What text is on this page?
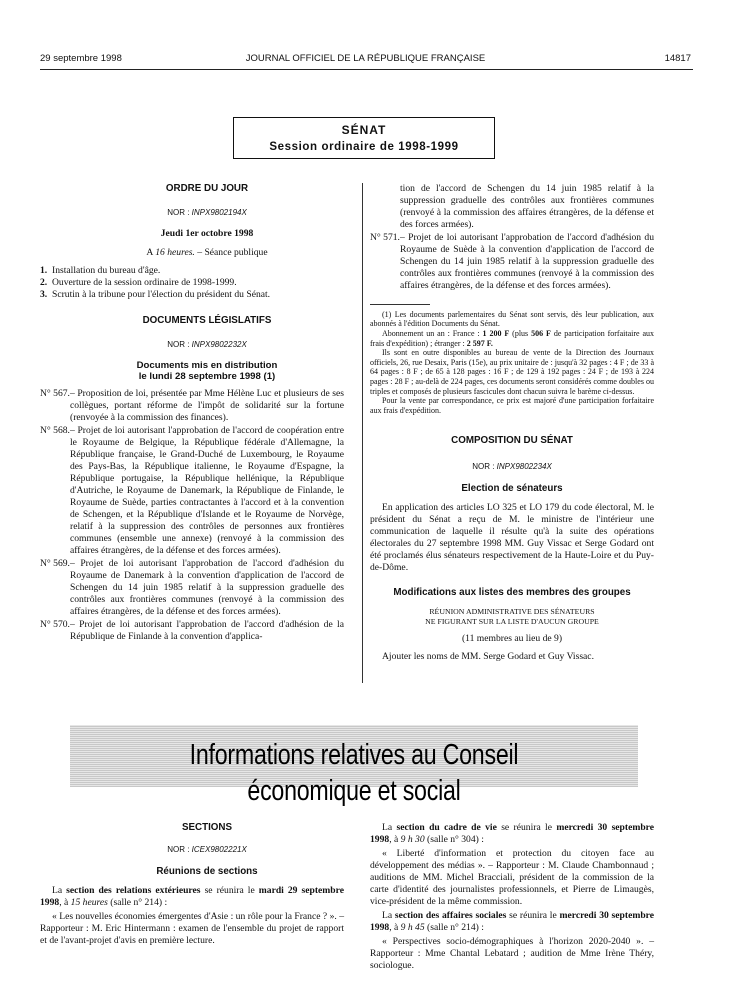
29 septembre 1998	JOURNAL OFFICIEL DE LA RÉPUBLIQUE FRANÇAISE	14817
SÉNAT
Session ordinaire de 1998-1999
ORDRE DU JOUR
NOR : INPX9802194X
Jeudi 1er octobre 1998
A 16 heures. – Séance publique
1. Installation du bureau d'âge.
2. Ouverture de la session ordinaire de 1998-1999.
3. Scrutin à la tribune pour l'élection du président du Sénat.
DOCUMENTS LÉGISLATIFS
NOR : INPX9802232X
Documents mis en distribution
le lundi 28 septembre 1998 (1)
N° 567. – Proposition de loi, présentée par Mme Hélène Luc et plusieurs de ses collègues, portant réforme de l'impôt de solidarité sur la fortune (renvoyée à la commission des finances).
N° 568. – Projet de loi autorisant l'approbation de l'accord de coopération entre le Royaume de Belgique, la République fédérale d'Allemagne, la République française, le Grand-Duché de Luxembourg, le Royaume des Pays-Bas, la République italienne, le Royaume d'Espagne, la République portugaise, la République hellénique, la République d'Autriche, le Royaume de Danemark, la République de Finlande, le Royaume de Suède, parties contractantes à l'accord et à la convention de Schengen, et la République d'Islande et le Royaume de Norvège, relatif à la suppression des contrôles de personnes aux frontières communes (ensemble une annexe) (renvoyé à la commission des affaires étrangères, de la défense et des forces armées).
N° 569. – Projet de loi autorisant l'approbation de l'accord d'adhésion du Royaume de Danemark à la convention d'application de l'accord de Schengen du 14 juin 1985 relatif à la suppression graduelle des contrôles aux frontières communes (renvoyé à la commission des affaires étrangères, de la défense et des forces armées).
N° 570. – Projet de loi autorisant l'approbation de l'accord d'adhésion de la République de Finlande à la convention d'applica-

tion de l'accord de Schengen du 14 juin 1985 relatif à la suppression graduelle des contrôles aux frontières communes (renvoyé à la commission des affaires étrangères, de la défense et des forces armées).

N° 571. – Projet de loi autorisant l'approbation de l'accord d'adhésion du Royaume de Suède à la convention d'application de l'accord de Schengen du 14 juin 1985 relatif à la suppression graduelle des contrôles aux frontières communes (renvoyé à la commission des affaires étrangères, de la défense et des forces armées).

(1) Les documents parlementaires du Sénat sont servis, dès leur publication, aux abonnés à l'édition Documents du Sénat.

Abonnement un an : France : 1 200 F (plus 506 F de participation forfaitaire aux frais d'expédition) ; étranger : 2 597 F.

Ils sont en outre disponibles au bureau de vente de la Direction des Journaux officiels, 26, rue Desaix, Paris (15e), au prix unitaire de : jusqu'à 32 pages : 4 F ; de 33 à 64 pages : 8 F ; de 65 à 128 pages : 16 F ; de 129 à 192 pages : 24 F ; de 193 à 224 pages : 28 F ; au-delà de 224 pages, ces documents seront considérés comme doubles ou triples et composés de plusieurs fascicules dont chacun suivra le barème ci-dessus.

Pour la vente par correspondance, ce prix est majoré d'une participation forfaitaire aux frais d'expédition.

COMPOSITION DU SÉNAT
NOR : INPX9802234X
Election de sénateurs

En application des articles LO 325 et LO 179 du code électoral, M. le président du Sénat a reçu de M. le ministre de l'intérieur une communication de laquelle il résulte qu'à la suite des opérations électorales du 27 septembre 1998 MM. Guy Vissac et Serge Godard ont été proclamés élus sénateurs respectivement de la Haute-Loire et du Puy-de-Dôme.

Modifications aux listes des membres des groupes
RÉUNION ADMINISTRATIVE DES SÉNATEURS
NE FIGURANT SUR LA LISTE D'AUCUN GROUPE
(11 membres au lieu de 9)

Ajouter les noms de MM. Serge Godard et Guy Vissac.

Informations relatives au Conseil économique et social
SECTIONS
NOR : ICEX9802221X
Réunions de sections

La section des relations extérieures se réunira le mardi 29 septembre 1998, à 15 heures (salle n° 214) :

« Les nouvelles économies émergentes d'Asie : un rôle pour la France ? ». – Rapporteur : M. Eric Hintermann : examen de l'ensemble du projet de rapport et de l'avant-projet d'avis en première lecture.

La section du cadre de vie se réunira le mercredi 30 septembre 1998, à 9 h 30 (salle n° 304) :

« Liberté d'information et protection du citoyen face au développement des médias ». – Rapporteur : M. Claude Chambonnaud ; auditions de MM. Michel Bracciali, président de la commission de la carte d'identité des journalistes professionnels, et Pierre de Limaugès, vice-président de la même commission.

La section des affaires sociales se réunira le mercredi 30 septembre 1998, à 9 h 45 (salle n° 214) :

« Perspectives socio-démographiques à l'horizon 2020-2040 ». – Rapporteur : Mme Chantal Lebatard ; audition de Mme Irène Théry, sociologue.
